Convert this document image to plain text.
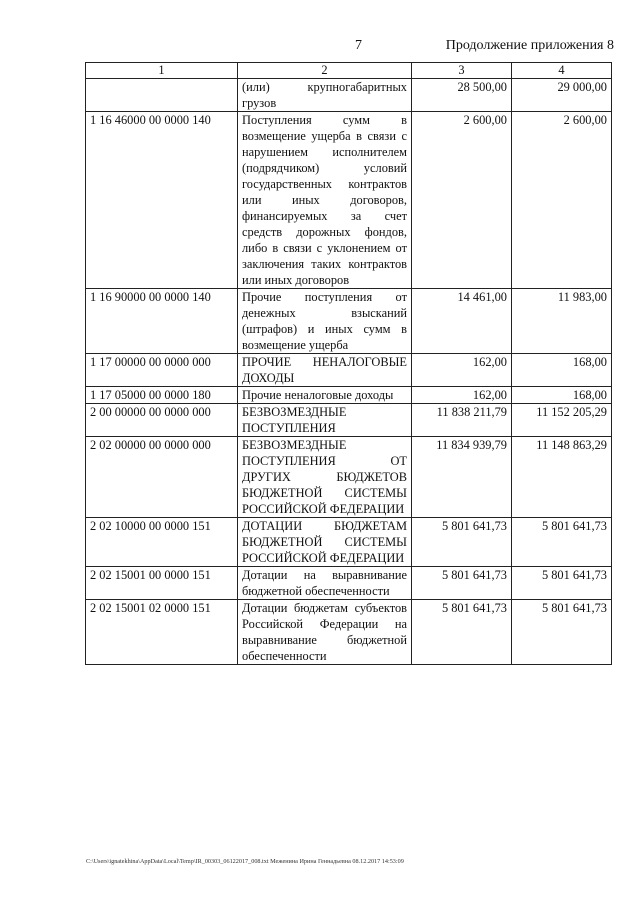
7	Продолжение приложения 8
1	2	3	4
	(или) крупногабаритных грузов	28 500,00	29 000,00
1 16 46000 00 0000 140	Поступления сумм в возмещение ущерба в связи с нарушением исполнителем (подрядчиком) условий государственных контрактов или иных договоров, финансируемых за счет средств дорожных фондов, либо в связи с уклонением от заключения таких контрактов или иных договоров	2 600,00	2 600,00
1 16 90000 00 0000 140	Прочие поступления от денежных взысканий (штрафов) и иных сумм в возмещение ущерба	14 461,00	11 983,00
1 17 00000 00 0000 000	ПРОЧИЕ НЕНАЛОГОВЫЕ ДОХОДЫ	162,00	168,00
1 17 05000 00 0000 180	Прочие неналоговые доходы	162,00	168,00
2 00 00000 00 0000 000	БЕЗВОЗМЕЗДНЫЕ ПОСТУПЛЕНИЯ	11 838 211,79	11 152 205,29
2 02 00000 00 0000 000	БЕЗВОЗМЕЗДНЫЕ ПОСТУПЛЕНИЯ ОТ ДРУГИХ БЮДЖЕТОВ БЮДЖЕТНОЙ СИСТЕМЫ РОССИЙСКОЙ ФЕДЕРАЦИИ	11 834 939,79	11 148 863,29
2 02 10000 00 0000 151	ДОТАЦИИ БЮДЖЕТАМ БЮДЖЕТНОЙ СИСТЕМЫ РОССИЙСКОЙ ФЕДЕРАЦИИ	5 801 641,73	5 801 641,73
2 02 15001 00 0000 151	Дотации на выравнивание бюджетной обеспеченности	5 801 641,73	5 801 641,73
2 02 15001 02 0000 151	Дотации бюджетам субъектов Российской Федерации на выравнивание бюджетной обеспеченности	5 801 641,73	5 801 641,73
C:\Users\ignatekhina\AppData\Local\Temp\IR_00303_06122017_008.txt Меженина Ирина Геннадьевна 08.12.2017 14:53:09
